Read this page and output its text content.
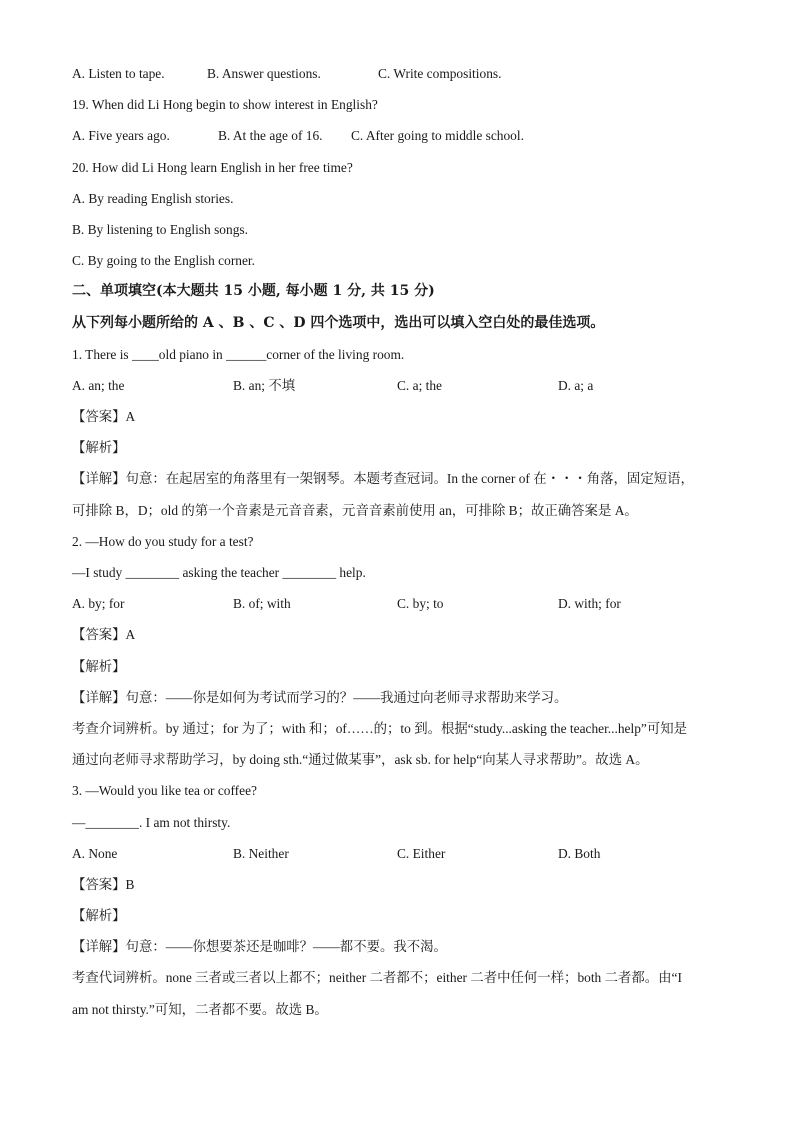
A. Listen to tape.	B. Answer questions.	C. Write compositions.
19. When did Li Hong begin to show interest in English?
A. Five years ago.	B. At the age of 16. C. After going to middle school.
20. How did Li Hong learn English in her free time?
A. By reading English stories.
B. By listening to English songs.
C. By going to the English corner.
二、单项填空(本大题共 15 小题, 每小题 1 分, 共 15 分)
从下列每小题所给的 A 、B 、C 、D 四个选项中，选出可以填入空白处的最佳选项。
1. There is ____old piano in ______corner of the living room.
A. an; the	B. an; 不填	C. a; the	D. a; a
【答案】A
【解析】
【详解】句意：在起居室的角落里有一架钢琴。本题考查冠词。In the corner of 在・・・角落，固定短语，
可排除 B，D；old 的第一个音素是元音音素，元音音素前使用 an，可排除 B；故正确答案是 A。
2. —How do you study for a test?
—I study ________ asking the teacher ________ help.
A. by; for	B. of; with	C. by; to	D. with; for
【答案】A
【解析】
【详解】句意：——你是如何为考试而学习的？——我通过向老师寻求帮助来学习。
考查介词辨析。by 通过；for 为了；with 和；of……的；to 到。根据“study...asking the teacher...help”可知是
通过向老师寻求帮助学习，by doing sth.“通过做某事”，ask sb. for help“向某人寻求帮助”。故选 A。
3. —Would you like tea or coffee?
—________. I am not thirsty.
A. None	B. Neither	C. Either	D. Both
【答案】B
【解析】
【详解】句意：——你想要茶还是咖啡？——都不要。我不渴。
考查代词辨析。none 三者或三者以上都不；neither 二者都不；either 二者中任何一样；both 二者都。由“I
am not thirsty.”可知，二者都不要。故选 B。
